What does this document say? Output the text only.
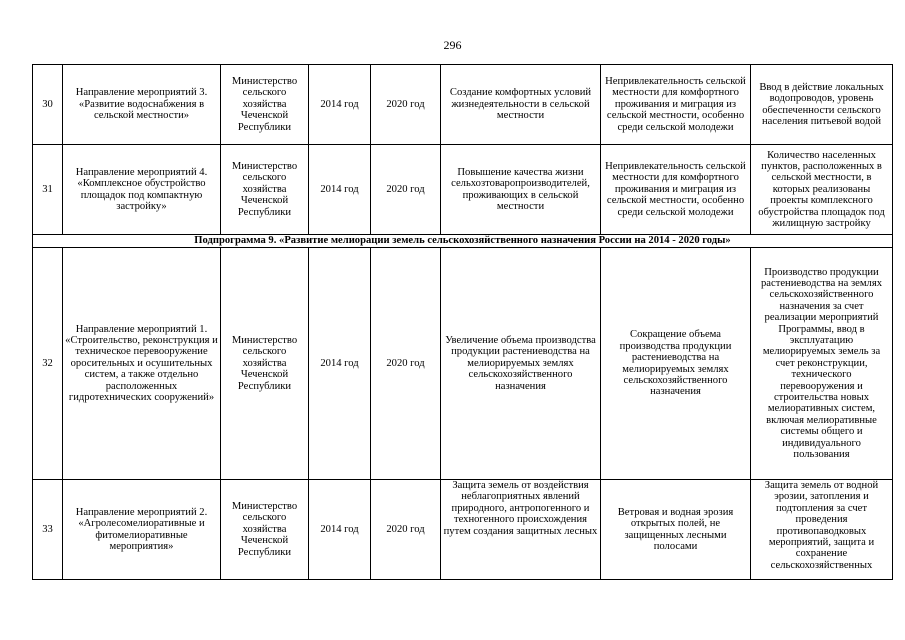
296
30	Направление мероприятий 3. «Развитие водоснабжения в сельской местности»	Министерство сельского хозяйства Чеченской Республики	2014 год	2020 год	Создание комфортных условий жизнедеятельности в сельской местности	Непривлекательность сельской местности для комфортного проживания и миграция из сельской местности, особенно среди сельской молодежи	Ввод в действие локальных водопроводов, уровень обеспеченности сельского населения питьевой водой
31	Направление мероприятий 4. «Комплексное обустройство площадок под компактную застройку»	Министерство сельского хозяйства Чеченской Республики	2014 год	2020 год	Повышение качества жизни сельхозтоваропроизводителей, проживающих в сельской местности	Непривлекательность сельской местности для комфортного проживания и миграция из сельской местности, особенно среди сельской молодежи	Количество населенных пунктов, расположенных в сельской местности, в которых реализованы проекты комплексного обустройства площадок под жилищную застройку
Подпрограмма 9. «Развитие мелиорации земель сельскохозяйственного назначения России на 2014 - 2020 годы»							
32	Направление мероприятий 1. «Строительство, реконструкция и техническое перевооружение оросительных и осушительных систем, а также отдельно расположенных гидротехнических сооружений»	Министерство сельского хозяйства Чеченской Республики	2014 год	2020 год	Увеличение объема производства продукции растениеводства на мелиорируемых землях сельскохозяйственного назначения	Сокращение объема производства продукции растениеводства на мелиорируемых землях сельскохозяйственного назначения	Производство продукции растениеводства на землях сельскохозяйственного назначения за счет реализации мероприятий Программы, ввод в эксплуатацию мелиорируемых земель за счет реконструкции, технического перевооружения и строительства новых мелиоративных систем, включая мелиоративные системы общего и индивидуального пользования
33	Направление мероприятий 2. «Агролесомелиоративные и фитомелиоративные мероприятия»	Министерство сельского хозяйства Чеченской Республики	2014 год	2020 год	Защита земель от воздействия неблагоприятных явлений природного, антропогенного и техногенного происхождения путем создания защитных лесных	Ветровая и водная эрозия открытых полей, не защищенных лесными полосами	Защита земель от водной эрозии, затопления и подтопления за счет проведения противопаводковых мероприятий, защита и сохранение сельскохозяйственных
